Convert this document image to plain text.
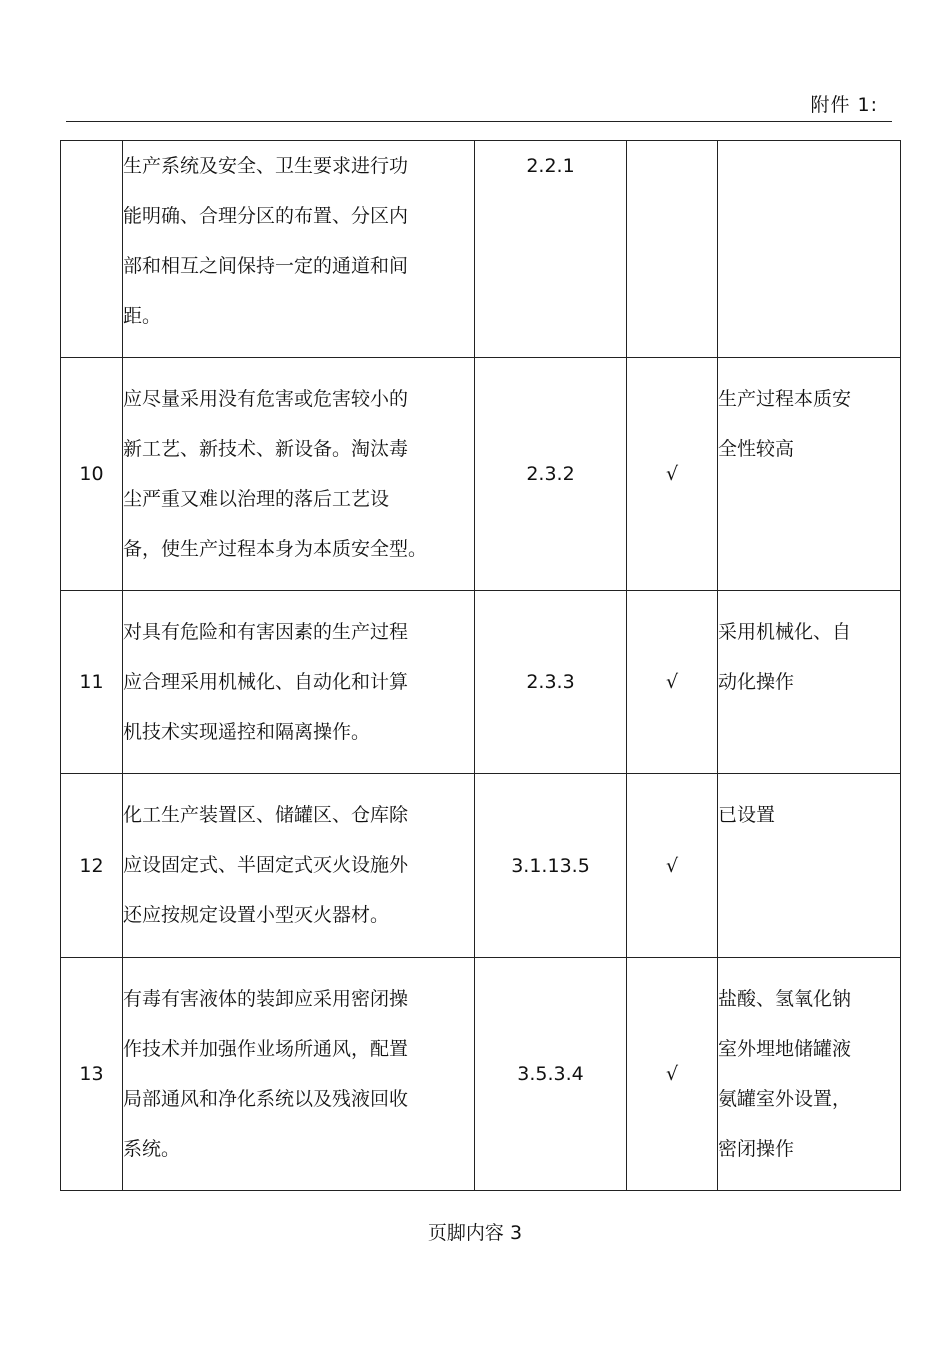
附件 1:

	生产系统及安全、卫生要求进行功
能明确、合理分区的布置、分区内
部和相互之间保持一定的通道和间
距。	2.2.1		
10	应尽量采用没有危害或危害较小的
新工艺、新技术、新设备。淘汰毒
尘严重又难以治理的落后工艺设
备，使生产过程本身为本质安全型。	2.3.2	√	生产过程本质安
全性较高

11	对具有危险和有害因素的生产过程
应合理采用机械化、自动化和计算
机技术实现遥控和隔离操作。	2.3.3	√	采用机械化、自
动化操作

12	化工生产装置区、储罐区、仓库除
应设固定式、半固定式灭火设施外
还应按规定设置小型灭火器材。	3.1.13.5	√	已设置

13	有毒有害液体的装卸应采用密闭操
作技术并加强作业场所通风，配置
局部通风和净化系统以及残液回收
系统。	3.5.3.4	√	盐酸、氢氧化钠
室外埋地储罐液
氨罐室外设置，
密闭操作
页脚内容 3
